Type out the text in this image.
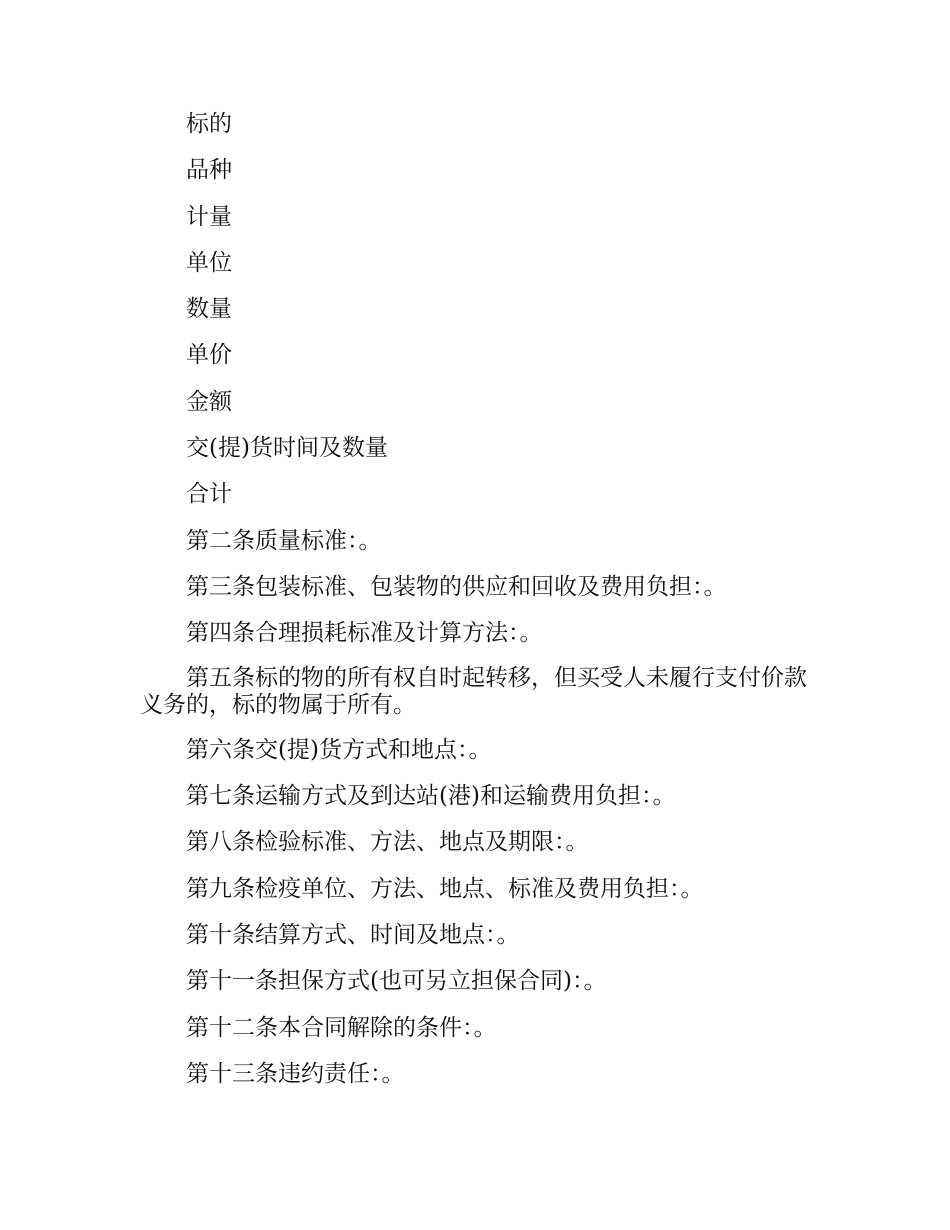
标的

品种

计量

单位

数量

单价

金额

交(提)货时间及数量

合计

第二条质量标准：。

第三条包装标准、包装物的供应和回收及费用负担：。

第四条合理损耗标准及计算方法：。

第五条标的物的所有权自时起转移，但买受人未履行支付价款义务的，标的物属于所有。

第六条交(提)货方式和地点：。

第七条运输方式及到达站(港)和运输费用负担：。

第八条检验标准、方法、地点及期限：。

第九条检疫单位、方法、地点、标准及费用负担：。

第十条结算方式、时间及地点：。

第十一条担保方式(也可另立担保合同)：。

第十二条本合同解除的条件：。

第十三条违约责任：。
